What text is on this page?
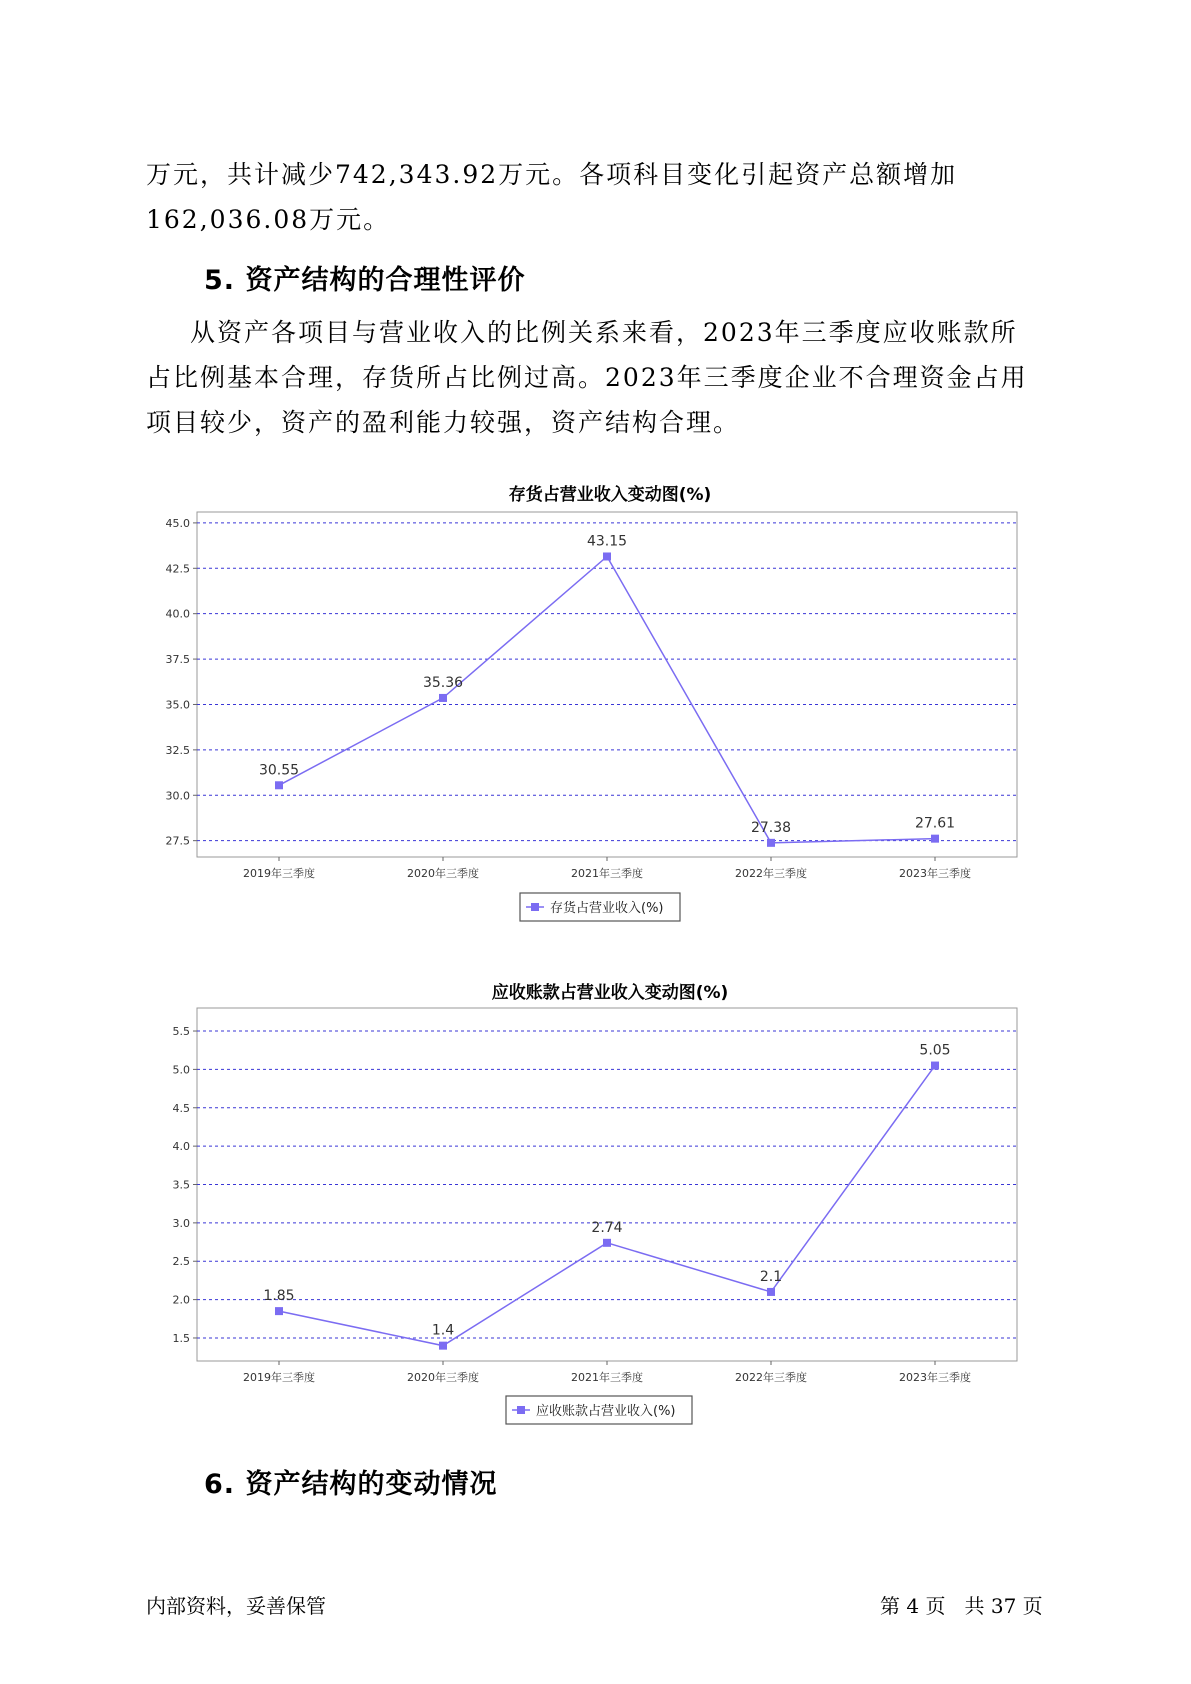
万元，共计减少742,343.92万元。各项科目变化引起资产总额增加

162,036.08万元。

5. 资产结构的合理性评价

从资产各项目与营业收入的比例关系来看，2023年三季度应收账款所

占比例基本合理，存货所占比例过高。2023年三季度企业不合理资金占用

项目较少，资产的盈利能力较强，资产结构合理。

存货占营业收入变动图(%)
27.5
30.0
32.5
35.0
37.5
40.0
42.5
45.0
2019年三季度	2020年三季度	2021年三季度	2022年三季度	2023年三季度
30.55
35.36
43.15
27.38	27.61
存货占营业收入(%)
应收账款占营业收入变动图(%)
1.5
2.0
2.5
3.0
3.5
4.0
4.5
5.0
5.5
2019年三季度	2020年三季度	2021年三季度	2022年三季度	2023年三季度
1.85
1.4
2.74
2.1
5.05
应收账款占营业收入(%)
6. 资产结构的变动情况
内部资料，妥善保管	第 4 页   共 37 页
